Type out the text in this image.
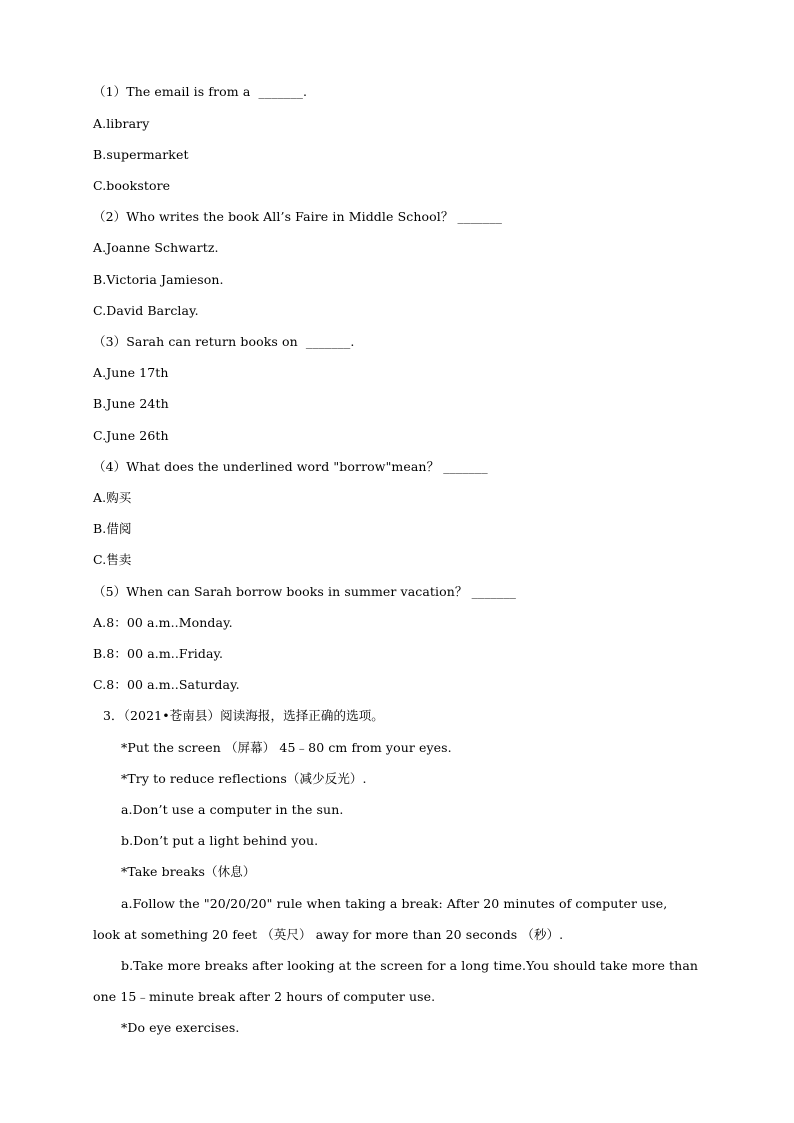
（1）The email is from a  _______.
A.library
B.supermarket
C.bookstore
（2）Who writes the book All’s Faire in Middle School？ _______
A.Joanne Schwartz.
B.Victoria Jamieson.
C.David Barclay.
（3）Sarah can return books on  _______.
A.June 17th
B.June 24th
C.June 26th
（4）What does the underlined word "borrow"mean？ _______
A.购买
B.借阅
C.售卖
（5）When can Sarah borrow books in summer vacation？ _______
A.8：00 a.m..Monday.
B.8：00 a.m..Friday.
C.8：00 a.m..Saturday.
3．（2021•苍南县）阅读海报，选择正确的选项。
*Put the screen （屏幕） 45﹣80 cm from your eyes.
*Try to reduce reflections（减少反光）.
a.Don’t use a computer in the sun.
b.Don’t put a light behind you.
*Take breaks（休息）
a.Follow the "20/20/20" rule when taking a break: After 20 minutes of computer use,
look at something 20 feet （英尺） away for more than 20 seconds （秒）.
b.Take more breaks after looking at the screen for a long time.You should take more than
one 15﹣minute break after 2 hours of computer use.
*Do eye exercises.
